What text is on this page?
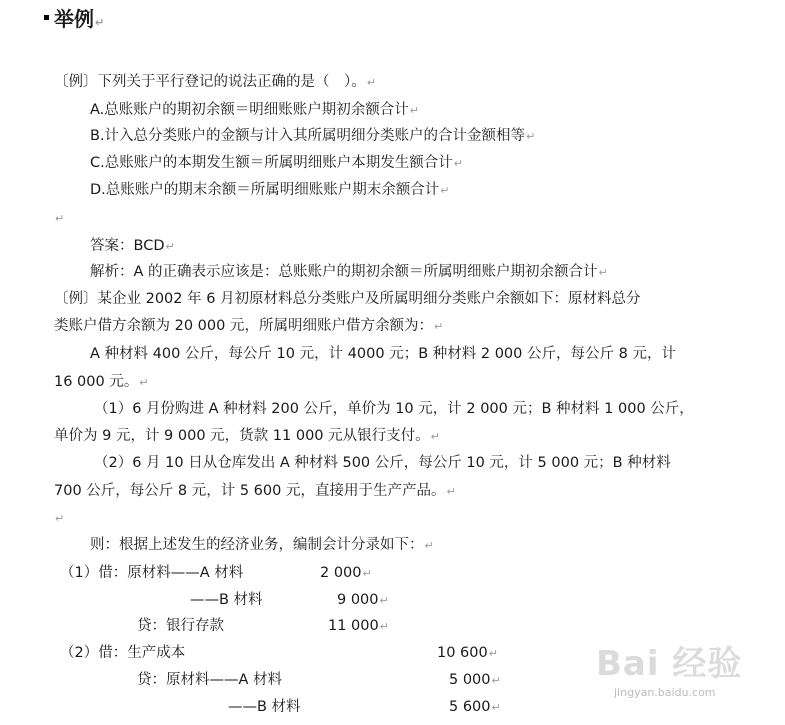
举例↵
〔例〕下列关于平行登记的说法正确的是（　）。↵
A.总账账户的期初余额＝明细账账户期初余额合计↵
B.计入总分类账户的金额与计入其所属明细分类账户的合计金额相等↵
C.总账账户的本期发生额＝所属明细账户本期发生额合计↵
D.总账账户的期末余额＝所属明细账账户期末余额合计↵
↵
答案：BCD↵
解析：A 的正确表示应该是：总账账户的期初余额＝所属明细账户期初余额合计↵
〔例〕某企业 2002 年 6 月初原材料总分类账户及所属明细分类账户余额如下：原材料总分
类账户借方余额为 20 000 元，所属明细账户借方余额为：↵
A 种材料 400 公斤，每公斤 10 元，计 4000 元；B 种材料 2 000 公斤，每公斤 8 元，计
16 000 元。↵
（1）6 月份购进 A 种材料 200 公斤，单价为 10 元，计 2 000 元；B 种材料 1 000 公斤，
单价为 9 元，计 9 000 元，货款 11 000 元从银行支付。↵
（2）6 月 10 日从仓库发出 A 种材料 500 公斤，每公斤 10 元，计 5 000 元；B 种材料
700 公斤，每公斤 8 元，计 5 600 元，直接用于生产产品。↵
↵
则：根据上述发生的经济业务，编制会计分录如下：↵
（1）借：原材料——A 材料	2 000↵
——B 材料	9 000↵
贷：银行存款	11 000↵
（2）借：生产成本	10 600↵
贷：原材料——A 材料	5 000↵
——B 材料	5 600↵
Bai 经验
jingyan.baidu.com
